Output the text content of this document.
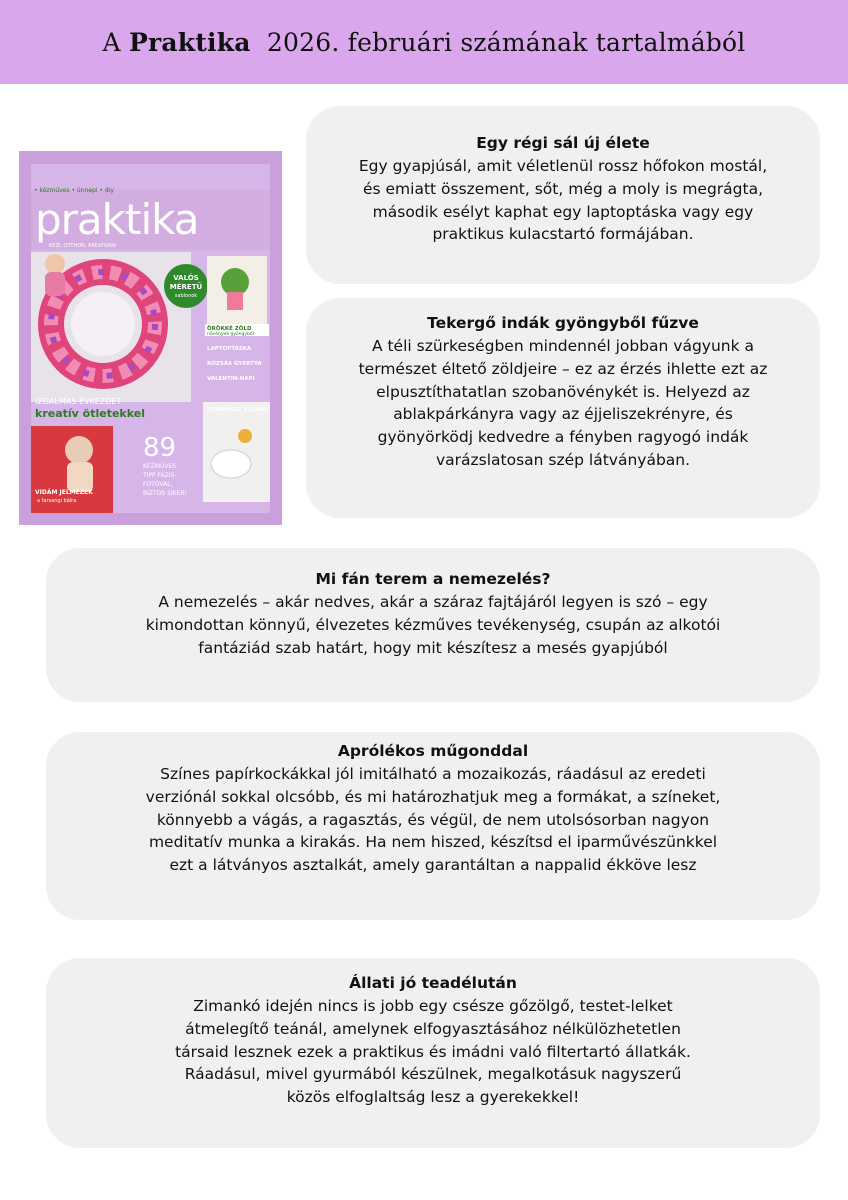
A Praktika 2026. februári számának tartalmából
• kézműves • ünnepi • diy
praktika
KEZI, OTTHON, KREATIVAN
VALÓS
MÉRETŰ
sablonok
ÖRÖKKÉ ZÖLD
növények gyöngyből
LAPTOPTÁSKA
RÓZSÁS GYERTYA
VALENTIN-NAPI
GYURMÁZZ VELÜNK
IZGALMAS ÉVKEZDET
kreatív ötletekkel
VIDÁM JELMEZEK
a farsangi bálra
89
KÉZMŰVES
TIPP FÁZIS-
FOTÓVAL,
BIZTOS SIKER!
Egy régi sál új élete

Egy gyapjúsál, amit véletlenül rossz hőfokon mostál,

és emiatt összement, sőt, még a moly is megrágta,

második esélyt kaphat egy laptoptáska vagy egy

praktikus kulacstartó formájában.

Tekergő indák gyöngyből fűzve

A téli szürkeségben mindennél jobban vágyunk a

természet éltető zöldjeire – ez az érzés ihlette ezt az

elpusztíthatatlan szobanövénykét is. Helyezd az

ablakpárkányra vagy az éjjeliszekrényre, és

gyönyörködj kedvedre a fényben ragyogó indák

varázslatosan szép látványában.

Mi fán terem a nemezelés?

A nemezelés – akár nedves, akár a száraz fajtájáról legyen is szó – egy

kimondottan könnyű, élvezetes kézműves tevékenység, csupán az alkotói

fantáziád szab határt, hogy mit készítesz a mesés gyapjúból

Aprólékos műgonddal

Színes papírkockákkal jól imitálható a mozaikozás, ráadásul az eredeti

verziónál sokkal olcsóbb, és mi határozhatjuk meg a formákat, a színeket,

könnyebb a vágás, a ragasztás, és végül, de nem utolsósorban nagyon

meditatív munka a kirakás. Ha nem hiszed, készítsd el iparművészünkkel

ezt a látványos asztalkát, amely garantáltan a nappalid ékköve lesz

Állati jó teadélután

Zimankó idején nincs is jobb egy csésze gőzölgő, testet-lelket

átmelegítő teánál, amelynek elfogyasztásához nélkülözhetetlen

társaid lesznek ezek a praktikus és imádni való filtertartó állatkák.

Ráadásul, mivel gyurmából készülnek, megalkotásuk nagyszerű

közös elfoglaltság lesz a gyerekekkel!
